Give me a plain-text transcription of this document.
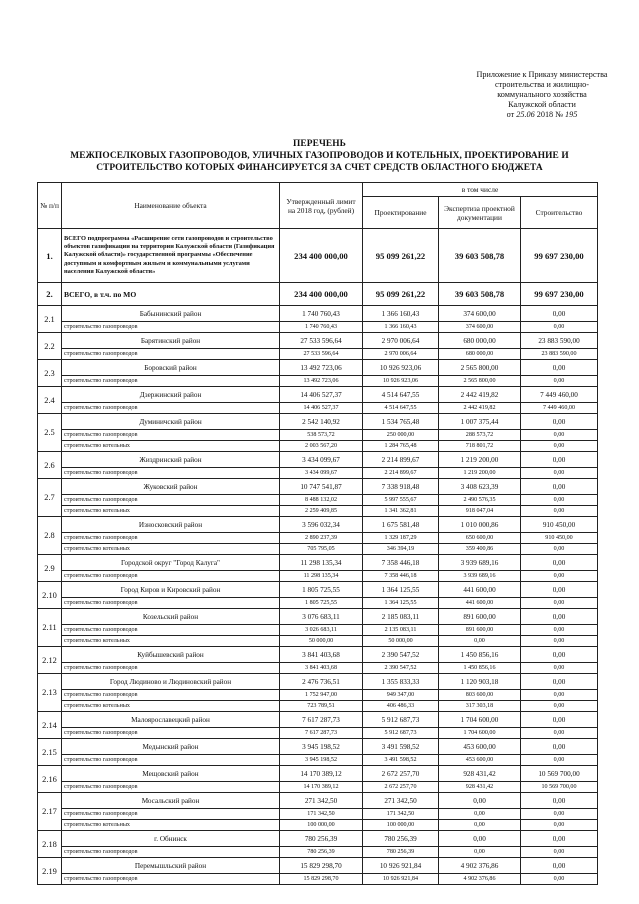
Приложение к Приказу министерства
строительства и жилищно-
коммунального хозяйства
Калужской области
от 25.06 2018 № 195
ПЕРЕЧЕНЬ
МЕЖПОСЕЛКОВЫХ ГАЗОПРОВОДОВ, УЛИЧНЫХ ГАЗОПРОВОДОВ И КОТЕЛЬНЫХ, ПРОЕКТИРОВАНИЕ И
СТРОИТЕЛЬСТВО КОТОРЫХ ФИНАНСИРУЕТСЯ ЗА СЧЕТ СРЕДСТВ ОБЛАСТНОГО БЮДЖЕТА
№ п/п	Наименование объекта	Утвержденный лимит на 2018 год, (рублей)	в том числе		
			Проектирование	Экспертиза проектной документации	Строительство
1.	ВСЕГО подпрограмма «Расширение сети газопроводов и строительство объектов газификации на территории Калужской области (Газификация Калужской области)» государственной программы «Обеспечение доступным и комфортным жильем и коммунальными услугами населения Калужской области»	234 400 000,00	95 099 261,22	39 603 508,78	99 697 230,00
2.	ВСЕГО, в т.ч. по МО	234 400 000,00	95 099 261,22	39 603 508,78	99 697 230,00
2.1	Бабынинский район	1 740 760,43	1 366 160,43	374 600,00	0,00
	строительство газопроводов	1 740 760,43	1 366 160,43	374 600,00	0,00
2.2	Барятинский район	27 533 596,64	2 970 006,64	680 000,00	23 883 590,00
	строительство газопроводов	27 533 596,64	2 970 006,64	680 000,00	23 883 590,00
2.3	Боровский район	13 492 723,06	10 926 923,06	2 565 800,00	0,00
	строительство газопроводов	13 492 723,06	10 926 923,06	2 565 800,00	0,00
2.4	Дзержинский район	14 406 527,37	4 514 647,55	2 442 419,82	7 449 460,00
	строительство газопроводов	14 406 527,37	4 514 647,55	2 442 419,82	7 449 460,00
2.5	Думиничский район	2 542 140,92	1 534 765,48	1 007 375,44	0,00
	строительство газопроводов	538 573,72	250 000,00	288 573,72	0,00
	строительство котельных	2 003 567,20	1 284 765,48	718 801,72	0,00
2.6	Жиздринский район	3 434 099,67	2 214 899,67	1 219 200,00	0,00
	строительство газопроводов	3 434 099,67	2 214 899,67	1 219 200,00	0,00
2.7	Жуковский район	10 747 541,87	7 338 918,48	3 408 623,39	0,00
	строительство газопроводов	8 488 132,02	5 997 555,67	2 490 576,35	0,00
	строительство котельных	2 259 409,85	1 341 362,81	918 047,04	0,00
2.8	Износковский район	3 596 032,34	1 675 581,48	1 010 000,86	910 450,00
	строительство газопроводов	2 890 237,39	1 329 187,29	650 600,00	910 450,00
	строительство котельных	705 795,05	346 394,19	359 400,86	0,00
2.9	Городской округ "Город Калуга"	11 298 135,34	7 358 446,18	3 939 689,16	0,00
	строительство газопроводов	11 298 135,34	7 358 446,18	3 939 689,16	0,00
2.10	Город Киров и Кировский район	1 805 725,55	1 364 125,55	441 600,00	0,00
	строительство газопроводов	1 805 725,55	1 364 125,55	441 600,00	0,00
2.11	Козельский район	3 076 683,11	2 185 083,11	891 600,00	0,00
	строительство газопроводов	3 026 683,11	2 135 083,11	891 600,00	0,00
	строительство котельных	50 000,00	50 000,00	0,00	0,00
2.12	Куйбышевский район	3 841 403,68	2 390 547,52	1 450 856,16	0,00
	строительство газопроводов	3 841 403,68	2 390 547,52	1 450 856,16	0,00
2.13	Город Людиново и Людиновский район	2 476 736,51	1 355 833,33	1 120 903,18	0,00
	строительство газопроводов	1 752 947,00	949 347,00	803 600,00	0,00
	строительство котельных	723 789,51	406 486,33	317 303,18	0,00
2.14	Малоярославецкий район	7 617 287,73	5 912 687,73	1 704 600,00	0,00
	строительство газопроводов	7 617 287,73	5 912 687,73	1 704 600,00	0,00
2.15	Медынский район	3 945 198,52	3 491 598,52	453 600,00	0,00
	строительство газопроводов	3 945 198,52	3 491 598,52	453 600,00	0,00
2.16	Мещовский район	14 170 389,12	2 672 257,70	928 431,42	10 569 700,00
	строительство газопроводов	14 170 389,12	2 672 257,70	928 431,42	10 569 700,00
2.17	Мосальский район	271 342,50	271 342,50	0,00	0,00
	строительство газопроводов	171 342,50	171 342,50	0,00	0,00
	строительство котельных	100 000,00	100 000,00	0,00	0,00
2.18	г. Обнинск	780 256,39	780 256,39	0,00	0,00
	строительство газопроводов	780 256,39	780 256,39	0,00	0,00
2.19	Перемышльский район	15 829 298,70	10 926 921,84	4 902 376,86	0,00
	строительство газопроводов	15 829 298,70	10 926 921,84	4 902 376,86	0,00
